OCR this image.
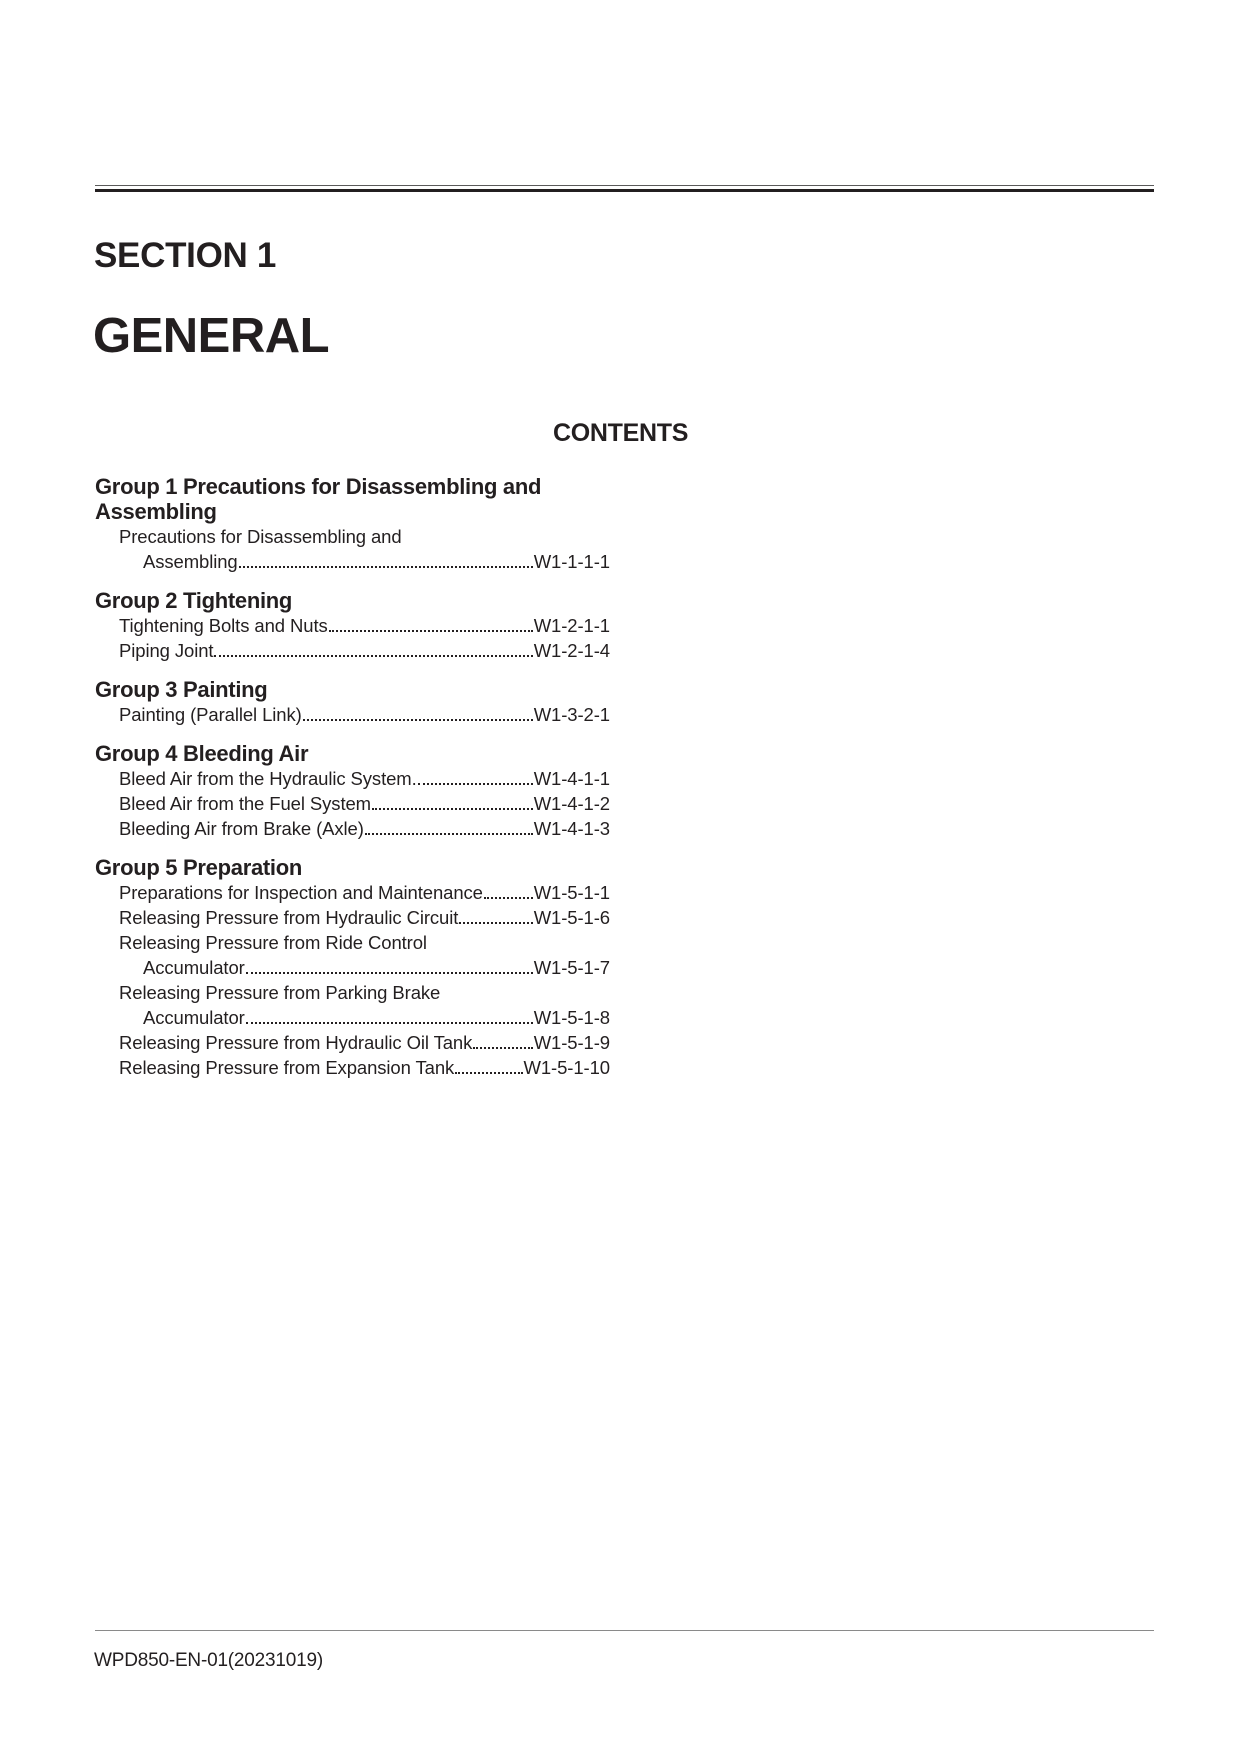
SECTION 1
GENERAL
CONTENTS
Group 1 Precautions for Disassembling and
Assembling
Precautions for Disassembling and
Assembling	W1-1-1-1
Group 2 Tightening
Tightening Bolts and Nuts	W1-2-1-1
Piping Joint	W1-2-1-4
Group 3 Painting
Painting (Parallel Link)	W1-3-2-1
Group 4 Bleeding Air
Bleed Air from the Hydraulic System.	W1-4-1-1
Bleed Air from the Fuel System	W1-4-1-2
Bleeding Air from Brake (Axle)	W1-4-1-3
Group 5 Preparation
Preparations for Inspection and Maintenance	W1-5-1-1
Releasing Pressure from Hydraulic Circuit	W1-5-1-6
Releasing Pressure from Ride Control
Accumulator	W1-5-1-7
Releasing Pressure from Parking Brake
Accumulator	W1-5-1-8
Releasing Pressure from Hydraulic Oil Tank	W1-5-1-9
Releasing Pressure from Expansion Tank	W1-5-1-10
WPD850-EN-01(20231019)
